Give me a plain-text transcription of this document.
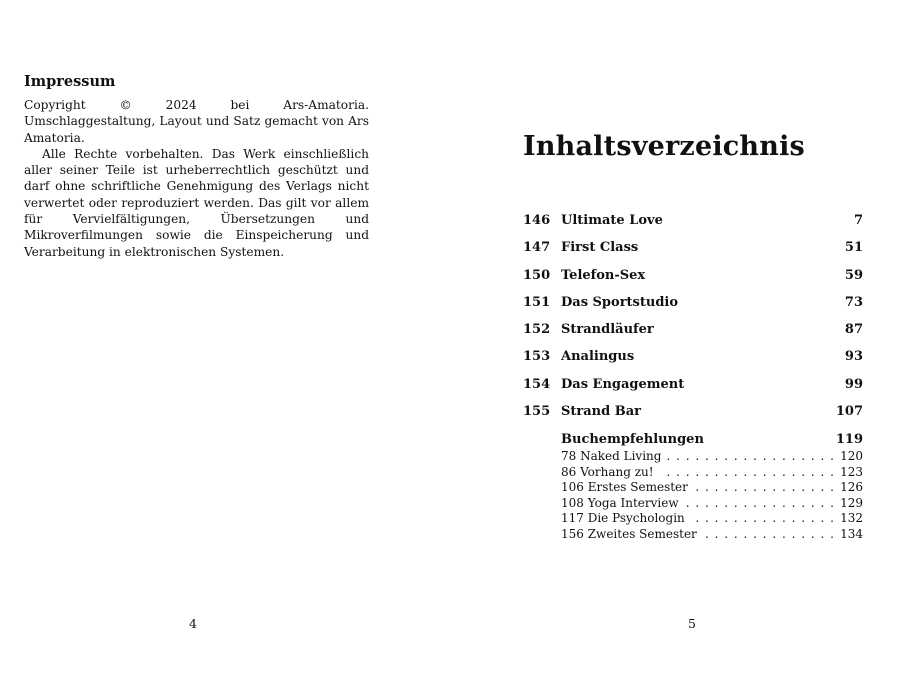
Impressum

Copyright © 2024 bei Ars-Amatoria. Umschlaggestaltung, Layout und Satz gemacht von Ars Amatoria.

Alle Rechte vorbehalten. Das Werk einschließlich aller seiner Teile ist urheberrechtlich geschützt und darf ohne schriftliche Genehmigung des Verlags nicht verwertet oder reproduziert werden. Das gilt vor allem für Vervielfältigungen, Übersetzungen und Mikroverfilmungen sowie die Einspeicherung und Verarbeitung in elektronischen Systemen.

4
Inhaltsverzeichnis
146 Ultimate Love	7
147 First Class	51
150 Telefon-Sex	59
151 Das Sportstudio	73
152 Strandläufer	87
153 Analingus	93
154 Das Engagement	99
155 Strand Bar	107
Buchempfehlungen	119
78 Naked Living . . .	120
86 Vorhang zu! . . .	123
106 Erstes Semester . . .	126
108 Yoga Interview . . .	129
117 Die Psychologin . . .	132
156 Zweites Semester . . .	134
5
